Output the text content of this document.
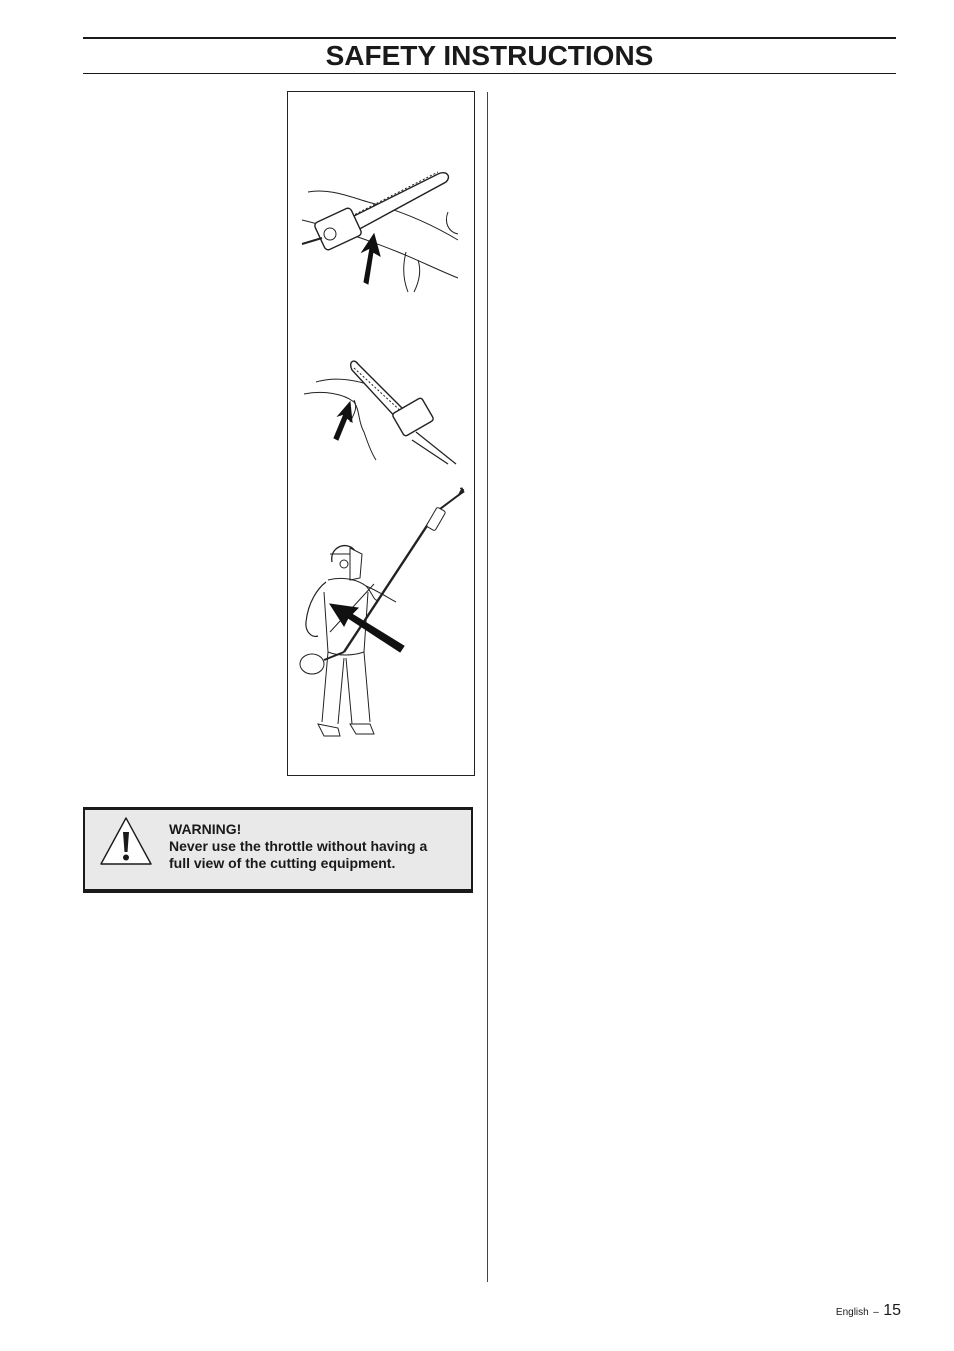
SAFETY INSTRUCTIONS
WARNING!
Never use the throttle without having a
full view of the cutting equipment.
English – 15
